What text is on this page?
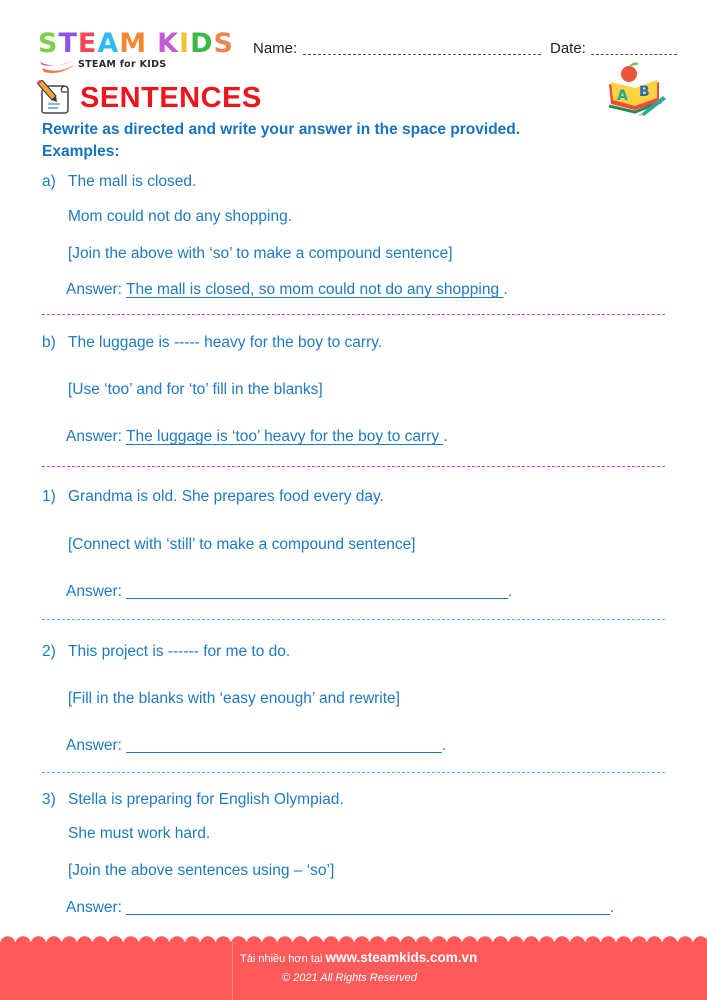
STEAM KIDS
STEAM for KIDS
Name:	Date:
A B
SENTENCES
Rewrite as directed and write your answer in the space provided.
Examples:
a) The mall is closed.
Mom could not do any shopping.
[Join the above with ‘so’ to make a compound sentence]
Answer: The mall is closed, so mom could not do any shopping .
b) The luggage is ----- heavy for the boy to carry.
[Use ‘too’ and for ‘to’ fill in the blanks]
Answer: The luggage is ‘too’ heavy for the boy to carry .
1) Grandma is old. She prepares food every day.
[Connect with ‘still’ to make a compound sentence]
Answer:	.
2) This project is ------ for me to do.
[Fill in the blanks with ‘easy enough’ and rewrite]
Answer:	.
3) Stella is preparing for English Olympiad.
She must work hard.
[Join the above sentences using – ‘so’]
Answer:	.
Tải nhiều hơn tại www.steamkids.com.vn
© 2021 All Rights Reserved
